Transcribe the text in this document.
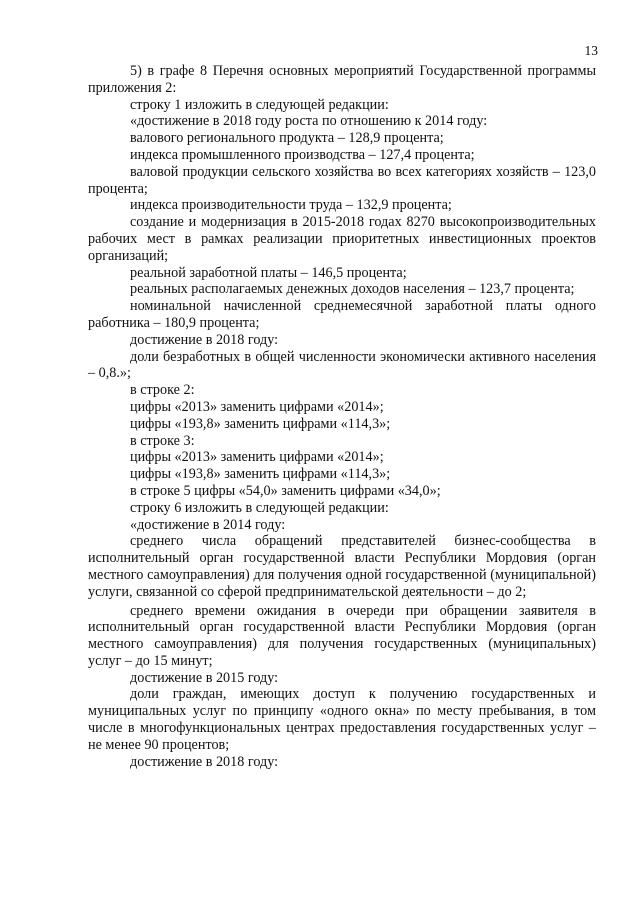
13

5) в графе 8 Перечня основных мероприятий Государственной программы приложения 2:

строку 1 изложить в следующей редакции:

«достижение в 2018 году роста по отношению к 2014 году:

валового регионального продукта – 128,9 процента;

индекса промышленного производства – 127,4 процента;

валовой продукции сельского хозяйства во всех категориях хозяйств – 123,0 процента;

индекса производительности труда – 132,9 процента;

создание и модернизация в 2015-2018 годах 8270 высокопроизводительных рабочих мест в рамках реализации приоритетных инвестиционных проектов организаций;

реальной заработной платы – 146,5 процента;

реальных располагаемых денежных доходов населения – 123,7 процента;

номинальной начисленной среднемесячной заработной платы одного работника – 180,9 процента;

достижение в 2018 году:

доли безработных в общей численности экономически активного населения – 0,8.»;

в строке 2:

цифры «2013» заменить цифрами «2014»;

цифры «193,8» заменить цифрами «114,3»;

в строке 3:

цифры «2013» заменить цифрами «2014»;

цифры «193,8» заменить цифрами «114,3»;

в строке 5 цифры «54,0» заменить цифрами «34,0»;

строку 6 изложить в следующей редакции:

«достижение в 2014 году:

среднего числа обращений представителей бизнес-сообщества в исполнительный орган государственной власти Республики Мордовия (орган местного самоуправления) для получения одной государственной (муниципальной) услуги, связанной со сферой предпринимательской деятельности – до 2;

среднего времени ожидания в очереди при обращении заявителя в исполнительный орган государственной власти Республики Мордовия (орган местного самоуправления) для получения государственных (муниципальных) услуг – до 15 минут;

достижение в 2015 году:

доли граждан, имеющих доступ к получению государственных и муниципальных услуг по принципу «одного окна» по месту пребывания, в том числе в многофункциональных центрах предоставления государственных услуг – не менее 90 процентов;

достижение в 2018 году:
